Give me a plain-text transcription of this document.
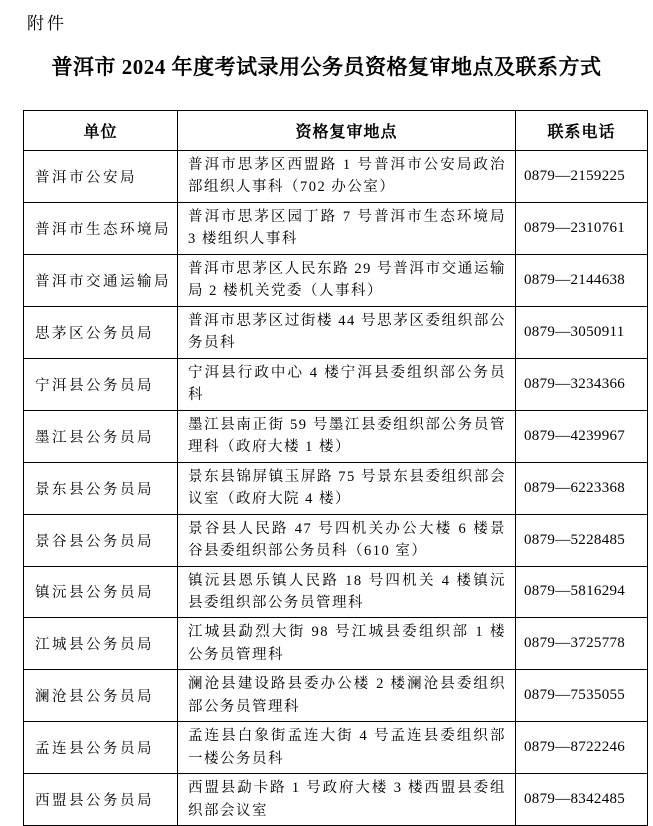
附件
普洱市 2024 年度考试录用公务员资格复审地点及联系方式
单位	资格复审地点	联系电话
普洱市公安局	普洱市思茅区西盟路 1 号普洱市公安局政治部组织人事科（702 办公室）	0879—2159225
普洱市生态环境局	普洱市思茅区园丁路 7 号普洱市生态环境局 3 楼组织人事科	0879—2310761
普洱市交通运输局	普洱市思茅区人民东路 29 号普洱市交通运输局 2 楼机关党委（人事科）	0879—2144638
思茅区公务员局	普洱市思茅区过街楼 44 号思茅区委组织部公务员科	0879—3050911
宁洱县公务员局	宁洱县行政中心 4 楼宁洱县委组织部公务员科	0879—3234366
墨江县公务员局	墨江县南正街 59 号墨江县委组织部公务员管理科（政府大楼 1 楼）	0879—4239967
景东县公务员局	景东县锦屏镇玉屏路 75 号景东县委组织部会议室（政府大院 4 楼）	0879—6223368
景谷县公务员局	景谷县人民路 47 号四机关办公大楼 6 楼景谷县委组织部公务员科（610 室）	0879—5228485
镇沅县公务员局	镇沅县恩乐镇人民路 18 号四机关 4 楼镇沅县委组织部公务员管理科	0879—5816294
江城县公务员局	江城县勐烈大街 98 号江城县委组织部 1 楼公务员管理科	0879—3725778
澜沧县公务员局	澜沧县建设路县委办公楼 2 楼澜沧县委组织部公务员管理科	0879—7535055
孟连县公务员局	孟连县白象街孟连大街 4 号孟连县委组织部一楼公务员科	0879—8722246
西盟县公务员局	西盟县勐卡路 1 号政府大楼 3 楼西盟县委组织部会议室	0879—8342485
